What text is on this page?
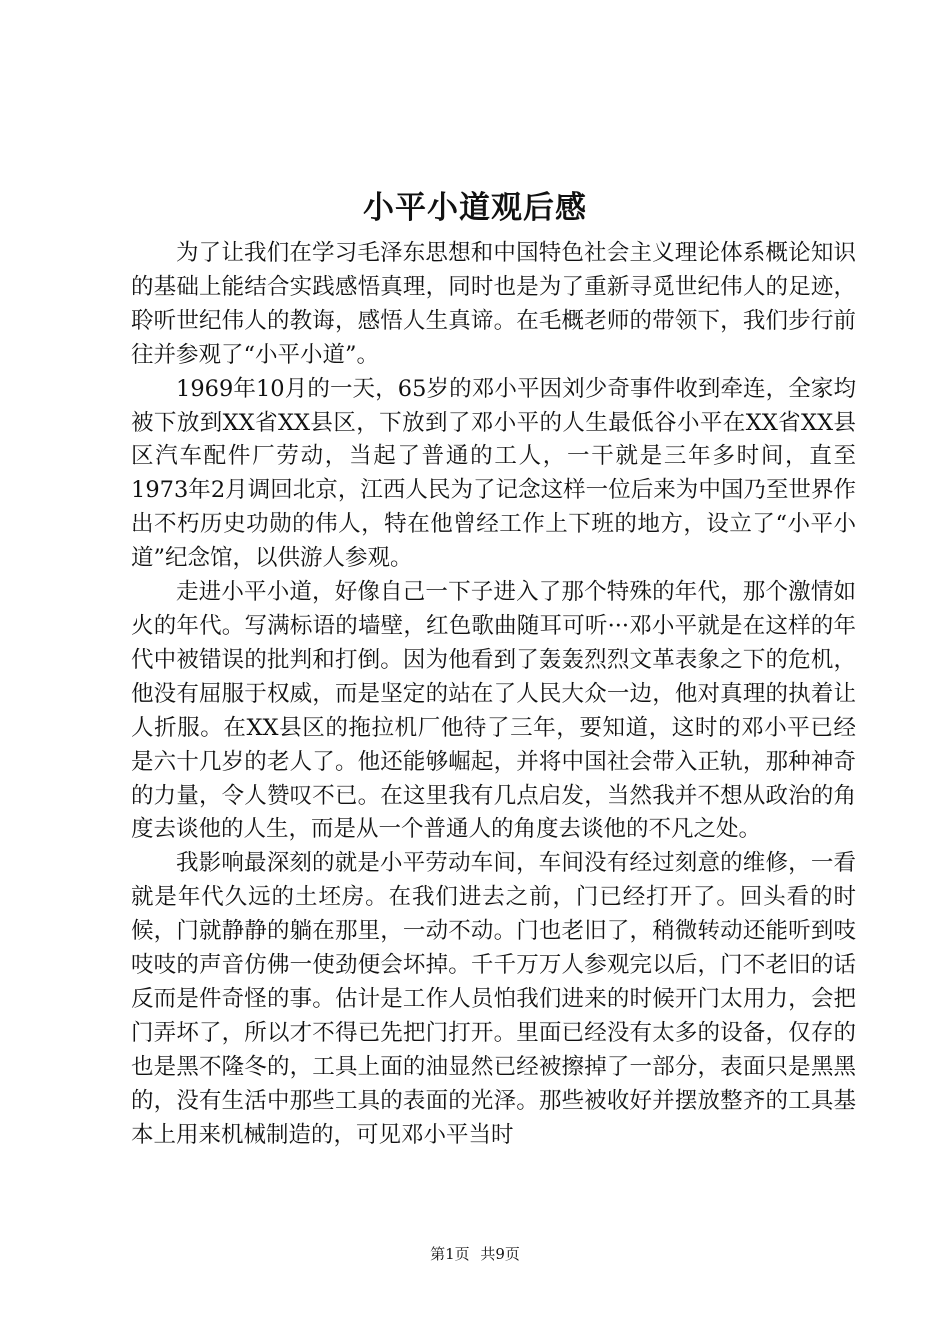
小平小道观后感

为了让我们在学习毛泽东思想和中国特色社会主义理论体系概论知识的基础上能结合实践感悟真理，同时也是为了重新寻觅世纪伟人的足迹，聆听世纪伟人的教诲，感悟人生真谛。在毛概老师的带领下，我们步行前往并参观了“小平小道”。

1969年10月的一天，65岁的邓小平因刘少奇事件收到牵连，全家均被下放到XX省XX县区，下放到了邓小平的人生最低谷小平在XX省XX县区汽车配件厂劳动，当起了普通的工人，一干就是三年多时间，直至1973年2月调回北京，江西人民为了记念这样一位后来为中国乃至世界作出不朽历史功勋的伟人，特在他曾经工作上下班的地方，设立了“小平小道”纪念馆，以供游人参观。

走进小平小道，好像自己一下子进入了那个特殊的年代，那个激情如火的年代。写满标语的墙壁，红色歌曲随耳可听···邓小平就是在这样的年代中被错误的批判和打倒。因为他看到了轰轰烈烈文革表象之下的危机，他没有屈服于权威，而是坚定的站在了人民大众一边，他对真理的执着让人折服。在XX县区的拖拉机厂他待了三年，要知道，这时的邓小平已经是六十几岁的老人了。他还能够崛起，并将中国社会带入正轨，那种神奇的力量，令人赞叹不已。在这里我有几点启发，当然我并不想从政治的角度去谈他的人生，而是从一个普通人的角度去谈他的不凡之处。

我影响最深刻的就是小平劳动车间，车间没有经过刻意的维修，一看就是年代久远的土坯房。在我们进去之前，门已经打开了。回头看的时候，门就静静的躺在那里，一动不动。门也老旧了，稍微转动还能听到吱吱吱的声音仿佛一使劲便会坏掉。千千万万人参观完以后，门不老旧的话反而是件奇怪的事。估计是工作人员怕我们进来的时候开门太用力，会把门弄坏了，所以才不得已先把门打开。里面已经没有太多的设备，仅存的也是黑不隆冬的，工具上面的油显然已经被擦掉了一部分，表面只是黑黑的，没有生活中那些工具的表面的光泽。那些被收好并摆放整齐的工具基本上用来机械制造的，可见邓小平当时

第1页 共9页
